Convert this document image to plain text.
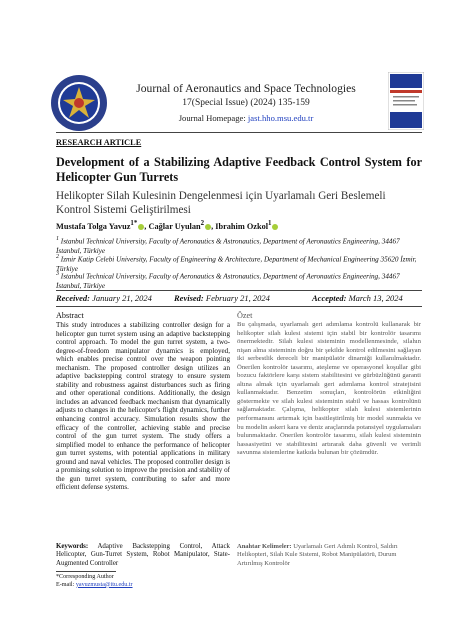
Journal of Aeronautics and Space Technologies
17(Special Issue) (2024) 135-159
Journal Homepage: jast.hho.msu.edu.tr
RESEARCH ARTICLE
Development of a Stabilizing Adaptive Feedback Control System for Helicopter Gun Turrets
Helikopter Silah Kulesinin Dengelenmesi için Uyarlamalı Geri Beslemeli Kontrol Sistemi Geliştirilmesi
Mustafa Tolga Yavuz$^{1*}$ , Cağlar Uyulan$^2$ , Ibrahim Ozkol$^1$
$^1$ Istanbul Technical University, Faculty of Aeronautics & Astronautics, Department of Aeronautics Engineering, 34467 İstanbul, Türkiye
$^2$ Izmir Katip Celebi University, Faculty of Engineering & Architecture, Department of Mechanical Engineering 35620 İzmir, Türkiye
$^3$ Istanbul Technical University, Faculty of Aeronautics & Astronautics, Department of Aeronautics Engineering, 34467 İstanbul, Türkiye
Received: January 21, 2024	Revised: February 21, 2024	Accepted: March 13, 2024
Abstract	Özet
This study introduces a stabilizing controller design for a helicopter gun turret system using an adaptive backstepping control approach. To model the gun turret system, a two-degree-of-freedom manipulator dynamics is employed, which enables precise control over the weapon pointing mechanism. The proposed controller design utilizes an adaptive backstepping control strategy to ensure system stability and robustness against disturbances such as firing and other operational conditions. Additionally, the design includes an advanced feedback mechanism that dynamically adjusts to changes in the helicopter's flight dynamics, further enhancing control accuracy. Simulation results show the efficacy of the controller, achieving stable and precise control of the gun turret system. The study offers a simplified model to enhance the performance of helicopter gun turret systems, with potential applications in military ground and naval vehicles. The proposed controller design is a promising solution to improve the precision and stability of the gun turret system, contributing to safer and more efficient defense systems.
Bu çalışmada, uyarlamalı geri adımlama kontrolü kullanarak bir helikopter silah kulesi sistemi için stabil bir kontrolör tasarımı önermektedir. Silah kulesi sisteminin modellenmesinde, silahın nişan alma sisteminin doğru bir şekilde kontrol edilmesini sağlayan iki serbestlik dereceli bir manipülatör dinamiği kullanılmaktadır. Önerilen kontrolör tasarımı, ateşleme ve operasyonel koşullar gibi bozucu faktörlere karşı sistem stabilitesini ve gürbüzlüğünü garanti altına almak için uyarlamalı geri adımlama kontrol stratejisini kullanmaktadır. Benzetim sonuçları, kontrolörün etkinliğini göstermekte ve silah kulesi sisteminin stabil ve hassas kontrolünü sağlamaktadır. Çalışma, helikopter silah kulesi sistemlerinin performansını artırmak için basitleştirilmiş bir model sunmakta ve bu modelin askeri kara ve deniz araçlarında potansiyel uygulamaları bulunmaktadır. Önerilen kontrolör tasarımı, silah kulesi sisteminin hassasiyetini ve stabilitesini artırarak daha güvenli ve verimli savunma sistemlerine katkıda bulunan bir çözümdür.
Keywords: Adaptive Backstepping Control, Attack Helicopter, Gun-Turret System, Robot Manipulator, State-Augmented Controller
Anahtar Kelimeler: Uyarlamalı Geri Adımlı Kontrol, Saldırı Helikopteri, Silah Kule Sistemi, Robot Manipülatörü, Durum Artırılmış Kontrolör
*Corresponding Author
E-mail: yavuzmusta@itu.edu.tr
